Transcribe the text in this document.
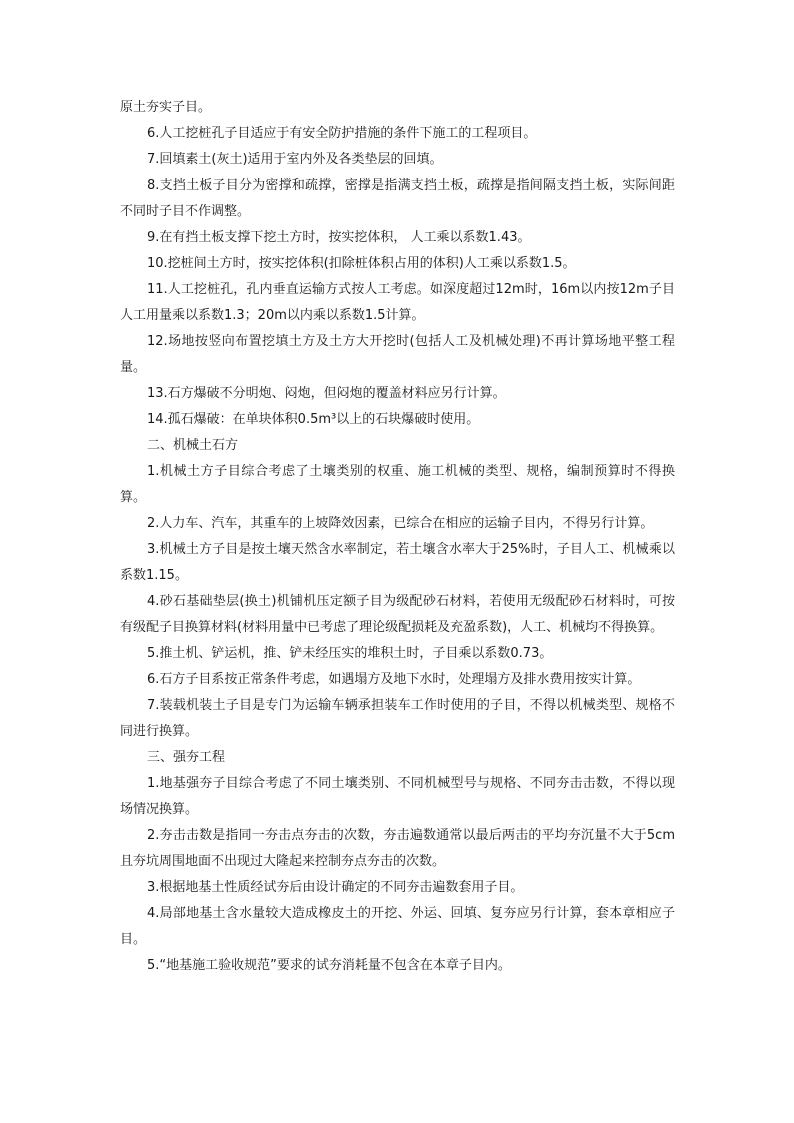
原土夯实子目。

6.人工挖桩孔子目适应于有安全防护措施的条件下施工的工程项目。

7.回填素土(灰土)适用于室内外及各类垫层的回填。

8.支挡土板子目分为密撑和疏撑，密撑是指满支挡土板，疏撑是指间隔支挡土板，实际间距不同时子目不作调整。

9.在有挡土板支撑下挖土方时，按实挖体积， 人工乘以系数1.43。

10.挖桩间土方时，按实挖体积(扣除桩体积占用的体积)人工乘以系数1.5。

11.人工挖桩孔，孔内垂直运输方式按人工考虑。如深度超过12m时，16m以内按12m子目人工用量乘以系数1.3；20m以内乘以系数1.5计算。

12.场地按竖向布置挖填土方及土方大开挖时(包括人工及机械处理)不再计算场地平整工程量。

13.石方爆破不分明炮、闷炮，但闷炮的覆盖材料应另行计算。

14.孤石爆破：在单块体积0.5m³以上的石块爆破时使用。

二、机械土石方

1.机械土方子目综合考虑了土壤类别的权重、施工机械的类型、规格，编制预算时不得换算。

2.人力车、汽车，其重车的上坡降效因素，已综合在相应的运输子目内，不得另行计算。

3.机械土方子目是按土壤天然含水率制定，若土壤含水率大于25%时，子目人工、机械乘以系数1.15。

4.砂石基础垫层(换土)机铺机压定额子目为级配砂石材料，若使用无级配砂石材料时，可按有级配子目换算材料(材料用量中已考虑了理论级配损耗及充盈系数)，人工、机械均不得换算。

5.推土机、铲运机，推、铲未经压实的堆积土时，子目乘以系数0.73。

6.石方子目系按正常条件考虑，如遇塌方及地下水时，处理塌方及排水费用按实计算。

7.装载机装土子目是专门为运输车辆承担装车工作时使用的子目，不得以机械类型、规格不同进行换算。

三、强夯工程

1.地基强夯子目综合考虑了不同土壤类别、不同机械型号与规格、不同夯击击数，不得以现场情况换算。

2.夯击击数是指同一夯击点夯击的次数，夯击遍数通常以最后两击的平均夯沉量不大于5cm且夯坑周围地面不出现过大隆起来控制夯点夯击的次数。

3.根据地基土性质经试夯后由设计确定的不同夯击遍数套用子目。

4.局部地基土含水量较大造成橡皮土的开挖、外运、回填、复夯应另行计算，套本章相应子目。

5.“地基施工验收规范”要求的试夯消耗量不包含在本章子目内。
